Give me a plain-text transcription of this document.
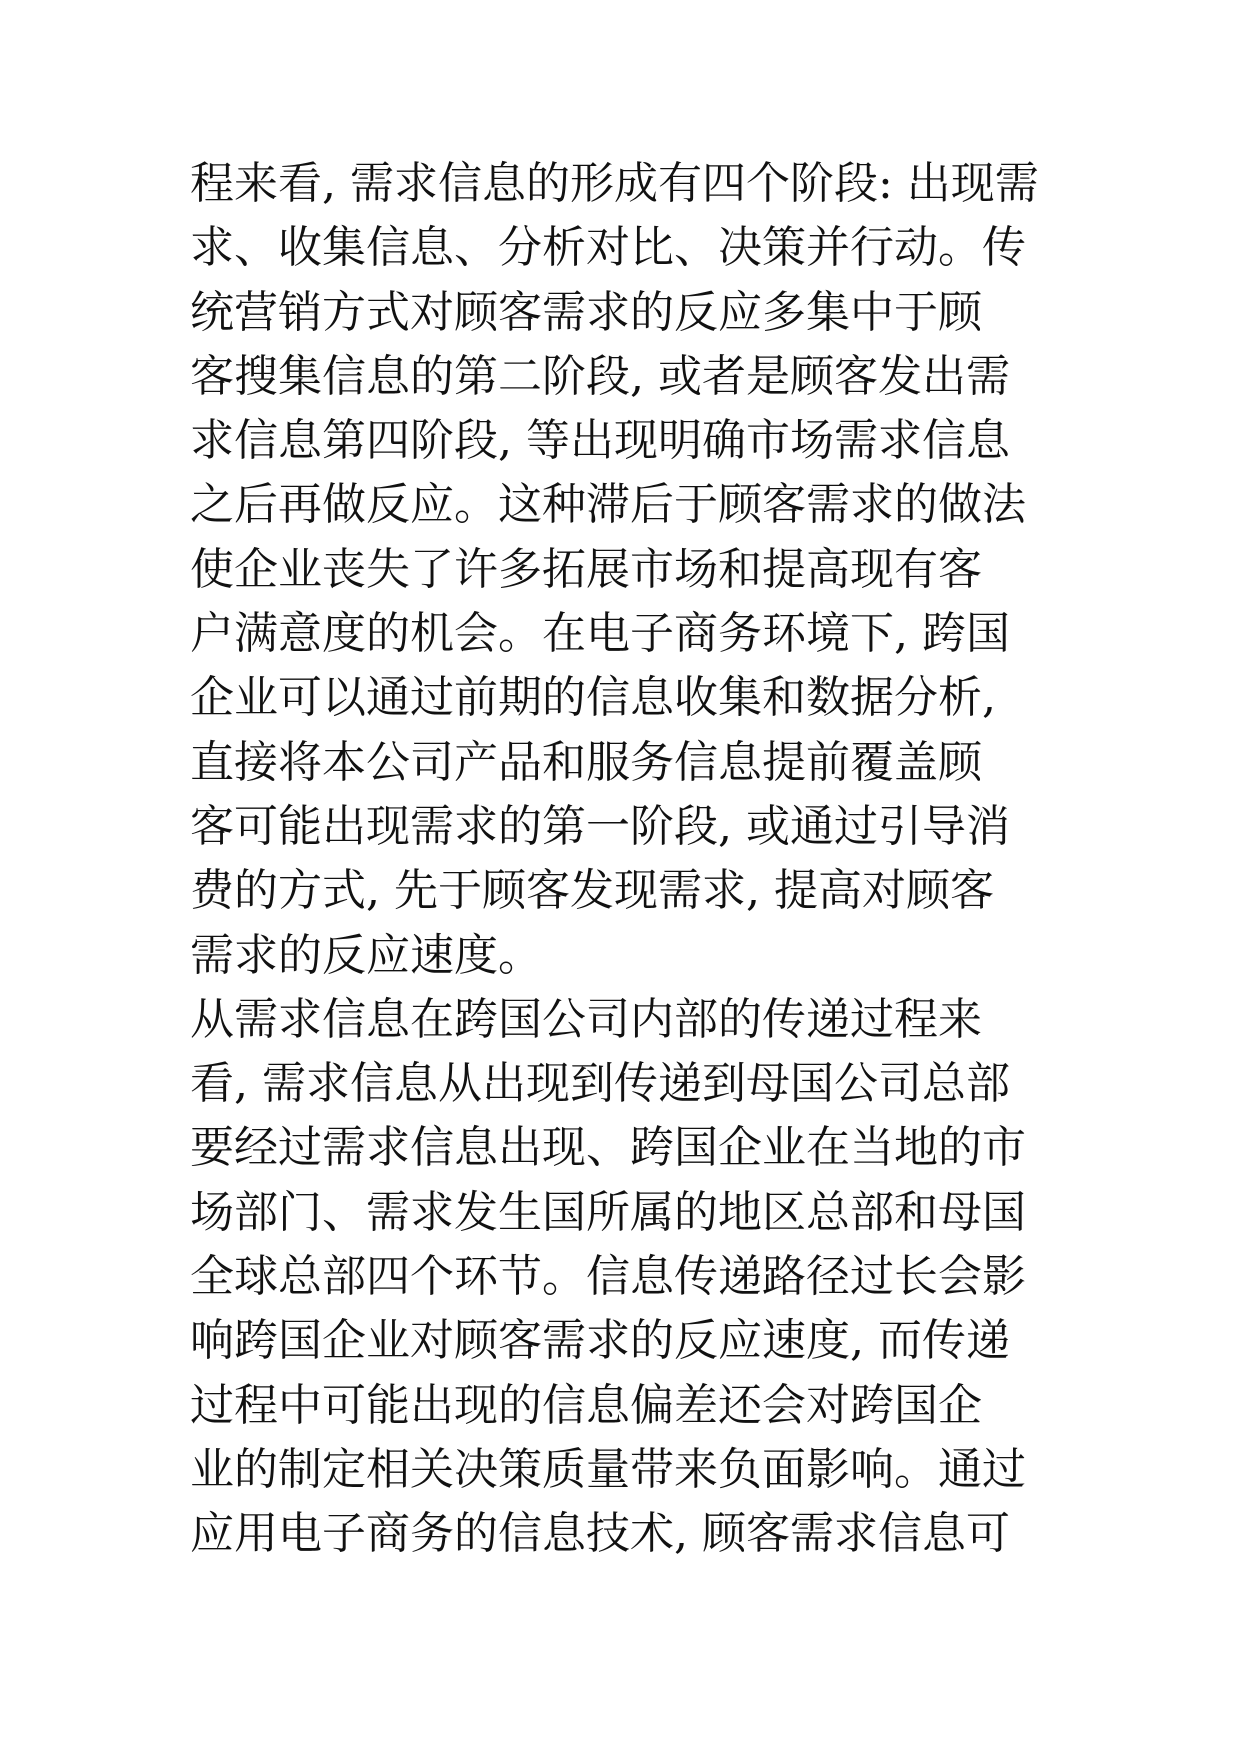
程来看, 需求信息的形成有四个阶段: 出现需
求、收集信息、分析对比、决策并行动。传
统营销方式对顾客需求的反应多集中于顾
客搜集信息的第二阶段, 或者是顾客发出需
求信息第四阶段, 等出现明确市场需求信息
之后再做反应。这种滞后于顾客需求的做法
使企业丧失了许多拓展市场和提高现有客
户满意度的机会。在电子商务环境下, 跨国
企业可以通过前期的信息收集和数据分析,
直接将本公司产品和服务信息提前覆盖顾
客可能出现需求的第一阶段, 或通过引导消
费的方式, 先于顾客发现需求, 提高对顾客
需求的反应速度。
从需求信息在跨国公司内部的传递过程来
看, 需求信息从出现到传递到母国公司总部
要经过需求信息出现、跨国企业在当地的市
场部门、需求发生国所属的地区总部和母国
全球总部四个环节。信息传递路径过长会影
响跨国企业对顾客需求的反应速度, 而传递
过程中可能出现的信息偏差还会对跨国企
业的制定相关决策质量带来负面影响。通过
应用电子商务的信息技术, 顾客需求信息可
